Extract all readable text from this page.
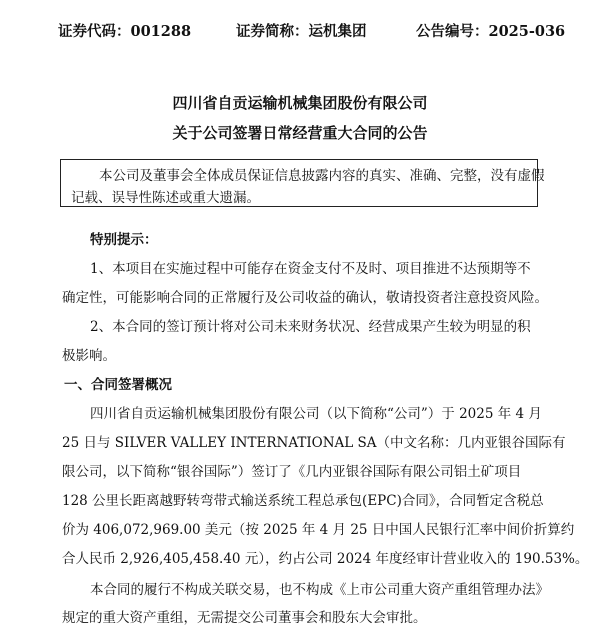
证券代码：001288	证券简称：运机集团	公告编号：2025-036
四川省自贡运输机械集团股份有限公司
关于公司签署日常经营重大合同的公告
本公司及董事会全体成员保证信息披露内容的真实、准确、完整，没有虚假
记载、误导性陈述或重大遗漏。
特别提示：
1、本项目在实施过程中可能存在资金支付不及时、项目推进不达预期等不
确定性，可能影响合同的正常履行及公司收益的确认，敬请投资者注意投资风险。
2、本合同的签订预计将对公司未来财务状况、经营成果产生较为明显的积
极影响。
一、合同签署概况
四川省自贡运输机械集团股份有限公司（以下简称“公司”）于 2025 年 4 月
25 日与 SILVER VALLEY INTERNATIONAL SA（中文名称：几内亚银谷国际有
限公司，以下简称“银谷国际”）签订了《几内亚银谷国际有限公司铝土矿项目
128 公里长距离越野转弯带式输送系统工程总承包(EPC)合同》，合同暂定含税总
价为 406,072,969.00 美元（按 2025 年 4 月 25 日中国人民银行汇率中间价折算约
合人民币 2,926,405,458.40 元），约占公司 2024 年度经审计营业收入的 190.53%。
本合同的履行不构成关联交易，也不构成《上市公司重大资产重组管理办法》
规定的重大资产重组，无需提交公司董事会和股东大会审批。
